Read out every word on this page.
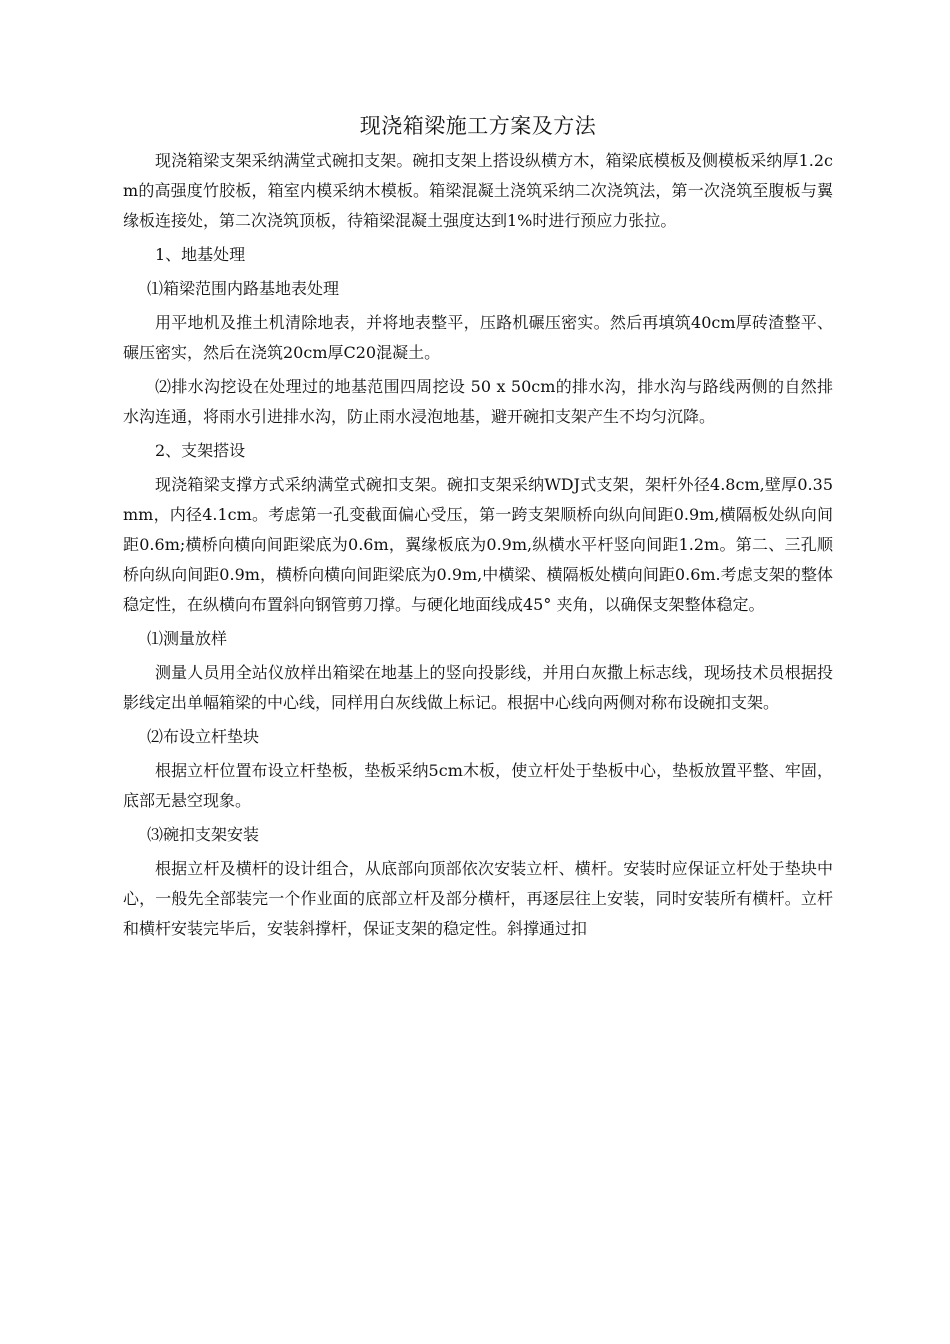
现浇箱梁施工方案及方法

现浇箱梁支架采纳满堂式碗扣支架。碗扣支架上搭设纵横方木，箱梁底模板及侧模板采纳厚1.2cm的高强度竹胶板，箱室内模采纳木模板。箱梁混凝土浇筑采纳二次浇筑法，第一次浇筑至腹板与翼缘板连接处，第二次浇筑顶板，待箱梁混凝土强度达到1%时进行预应力张拉。

1、地基处理

⑴箱梁范围内路基地表处理

用平地机及推土机清除地表，并将地表整平，压路机碾压密实。然后再填筑40cm厚砖渣整平、碾压密实，然后在浇筑20cm厚C20混凝土。

⑵排水沟挖设在处理过的地基范围四周挖设 50 x 50cm的排水沟，排水沟与路线两侧的自然排水沟连通，将雨水引进排水沟，防止雨水浸泡地基，避开碗扣支架产生不均匀沉降。

2、支架搭设

现浇箱梁支撑方式采纳满堂式碗扣支架。碗扣支架采纳WDJ式支架，架杆外径4.8cm,壁厚0.35mm，内径4.1cm。考虑第一孔变截面偏心受压，第一跨支架顺桥向纵向间距0.9m,横隔板处纵向间距0.6m;横桥向横向间距梁底为0.6m，翼缘板底为0.9m,纵横水平杆竖向间距1.2m。第二、三孔顺桥向纵向间距0.9m，横桥向横向间距梁底为0.9m,中横梁、横隔板处横向间距0.6m.考虑支架的整体稳定性，在纵横向布置斜向钢管剪刀撑。与硬化地面线成45° 夹角，以确保支架整体稳定。

⑴测量放样

测量人员用全站仪放样出箱梁在地基上的竖向投影线，并用白灰撒上标志线，现场技术员根据投影线定出单幅箱梁的中心线，同样用白灰线做上标记。根据中心线向两侧对称布设碗扣支架。

⑵布设立杆垫块

根据立杆位置布设立杆垫板，垫板采纳5cm木板，使立杆处于垫板中心，垫板放置平整、牢固，底部无悬空现象。

⑶碗扣支架安装

根据立杆及横杆的设计组合，从底部向顶部依次安装立杆、横杆。安装时应保证立杆处于垫块中心，一般先全部装完一个作业面的底部立杆及部分横杆，再逐层往上安装，同时安装所有横杆。立杆和横杆安装完毕后，安装斜撑杆，保证支架的稳定性。斜撑通过扣
